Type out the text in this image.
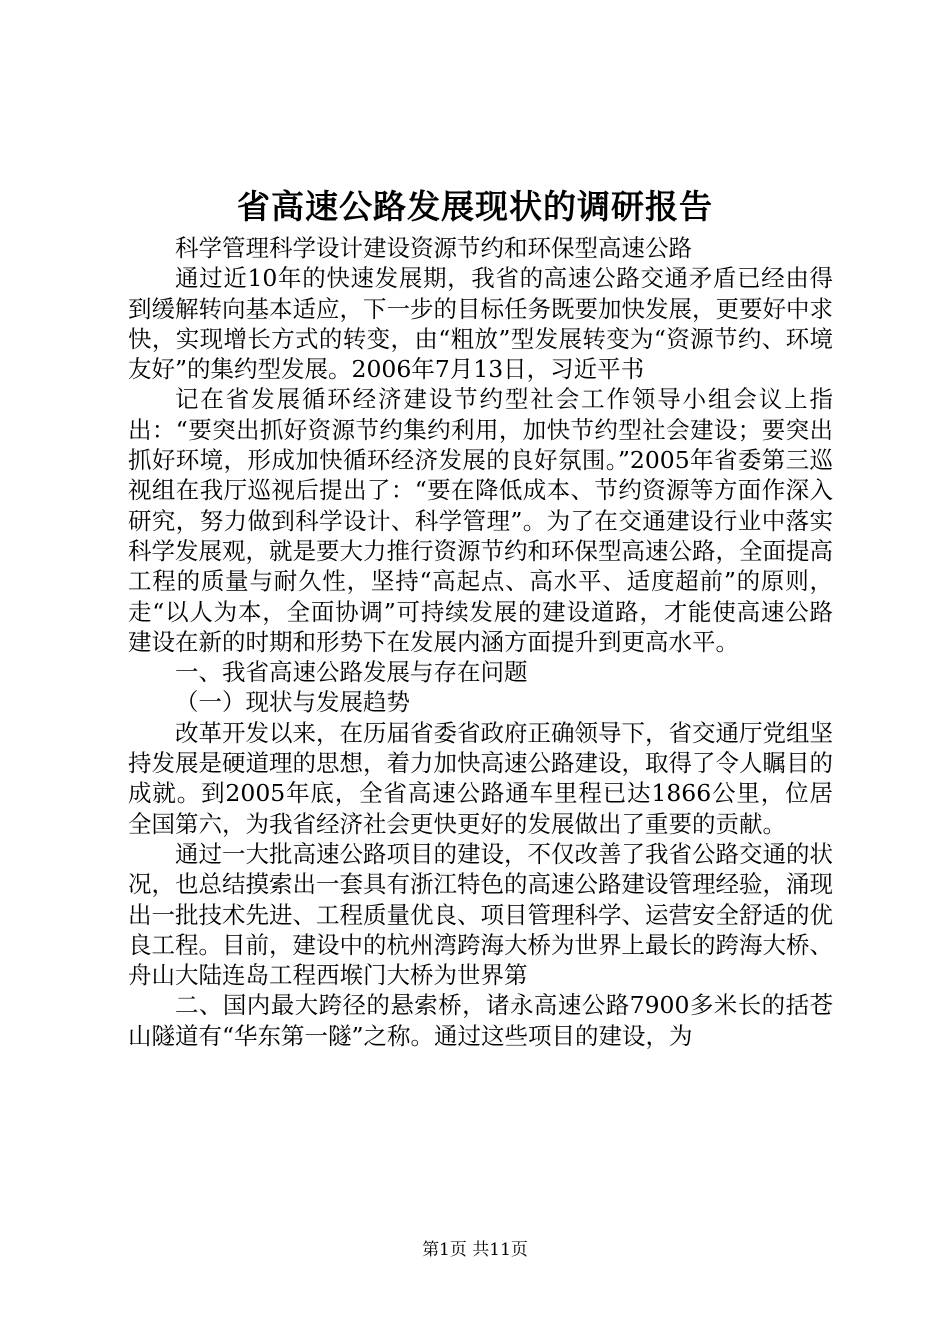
省高速公路发展现状的调研报告

科学管理科学设计建设资源节约和环保型高速公路

通过近10年的快速发展期，我省的高速公路交通矛盾已经由得到缓解转向基本适应，下一步的目标任务既要加快发展，更要好中求快，实现增长方式的转变，由“粗放”型发展转变为“资源节约、环境友好”的集约型发展。2006年7月13日，习近平书

记在省发展循环经济建设节约型社会工作领导小组会议上指出：“要突出抓好资源节约集约利用，加快节约型社会建设；要突出抓好环境，形成加快循环经济发展的良好氛围。”2005年省委第三巡视组在我厅巡视后提出了：“要在降低成本、节约资源等方面作深入研究，努力做到科学设计、科学管理”。为了在交通建设行业中落实科学发展观，就是要大力推行资源节约和环保型高速公路，全面提高工程的质量与耐久性，坚持“高起点、高水平、适度超前”的原则，走“以人为本，全面协调”可持续发展的建设道路，才能使高速公路建设在新的时期和形势下在发展内涵方面提升到更高水平。

一、我省高速公路发展与存在问题

（一）现状与发展趋势

改革开发以来，在历届省委省政府正确领导下，省交通厅党组坚持发展是硬道理的思想，着力加快高速公路建设，取得了令人瞩目的成就。到2005年底，全省高速公路通车里程已达1866公里，位居全国第六，为我省经济社会更快更好的发展做出了重要的贡献。

通过一大批高速公路项目的建设，不仅改善了我省公路交通的状况，也总结摸索出一套具有浙江特色的高速公路建设管理经验，涌现出一批技术先进、工程质量优良、项目管理科学、运营安全舒适的优良工程。目前，建设中的杭州湾跨海大桥为世界上最长的跨海大桥、舟山大陆连岛工程西堠门大桥为世界第

二、国内最大跨径的悬索桥，诸永高速公路7900多米长的括苍山隧道有“华东第一隧”之称。通过这些项目的建设，为

第1页 共11页
